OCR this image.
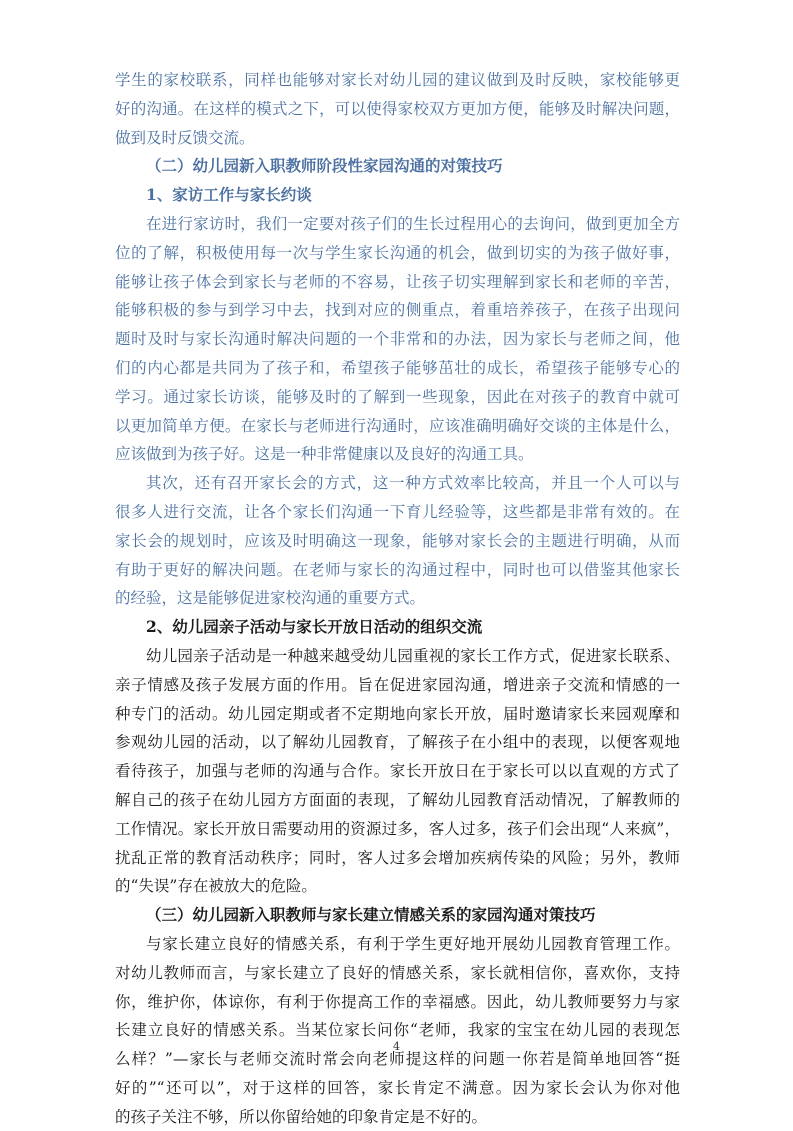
学生的家校联系，同样也能够对家长对幼儿园的建议做到及时反映，家校能够更
好的沟通。在这样的模式之下，可以使得家校双方更加方便，能够及时解决问题，
做到及时反馈交流。
（二）幼儿园新入职教师阶段性家园沟通的对策技巧
1、家访工作与家长约谈
在进行家访时，我们一定要对孩子们的生长过程用心的去询问，做到更加全方
位的了解，积极使用每一次与学生家长沟通的机会，做到切实的为孩子做好事，
能够让孩子体会到家长与老师的不容易，让孩子切实理解到家长和老师的辛苦，
能够积极的参与到学习中去，找到对应的侧重点，着重培养孩子，在孩子出现问
题时及时与家长沟通时解决问题的一个非常和的办法，因为家长与老师之间，他
们的内心都是共同为了孩子和，希望孩子能够茁壮的成长，希望孩子能够专心的
学习。通过家长访谈，能够及时的了解到一些现象，因此在对孩子的教育中就可
以更加简单方便。在家长与老师进行沟通时，应该准确明确好交谈的主体是什么，
应该做到为孩子好。这是一种非常健康以及良好的沟通工具。
其次，还有召开家长会的方式，这一种方式效率比较高，并且一个人可以与
很多人进行交流，让各个家长们沟通一下育儿经验等，这些都是非常有效的。在
家长会的规划时，应该及时明确这一现象，能够对家长会的主题进行明确，从而
有助于更好的解决问题。在老师与家长的沟通过程中，同时也可以借鉴其他家长
的经验，这是能够促进家校沟通的重要方式。
2、幼儿园亲子活动与家长开放日活动的组织交流
幼儿园亲子活动是一种越来越受幼儿园重视的家长工作方式，促进家长联系、
亲子情感及孩子发展方面的作用。旨在促进家园沟通，增进亲子交流和情感的一
种专门的活动。幼儿园定期或者不定期地向家长开放，届时邀请家长来园观摩和
参观幼儿园的活动，以了解幼儿园教育，了解孩子在小组中的表现，以便客观地
看待孩子，加强与老师的沟通与合作。家长开放日在于家长可以以直观的方式了
解自己的孩子在幼儿园方方面面的表现，了解幼儿园教育活动情况，了解教师的
工作情况。家长开放日需要动用的资源过多，客人过多，孩子们会出现“人来疯”，
扰乱正常的教育活动秩序；同时，客人过多会增加疾病传染的风险；另外，教师
的“失误”存在被放大的危险。
（三）幼儿园新入职教师与家长建立情感关系的家园沟通对策技巧
与家长建立良好的情感关系，有利于学生更好地开展幼儿园教育管理工作。
对幼儿教师而言，与家长建立了良好的情感关系，家长就相信你，喜欢你，支持
你，维护你，体谅你，有利于你提高工作的幸福感。因此，幼儿教师要努力与家
长建立良好的情感关系。当某位家长问你“老师，我家的宝宝在幼儿园的表现怎
么样？”—家长与老师交流时常会向老师提这样的问题一你若是简单地回答“挺
好的”“还可以”，对于这样的回答，家长肯定不满意。因为家长会认为你对他
的孩子关注不够，所以你留给她的印象肯定是不好的。
4
